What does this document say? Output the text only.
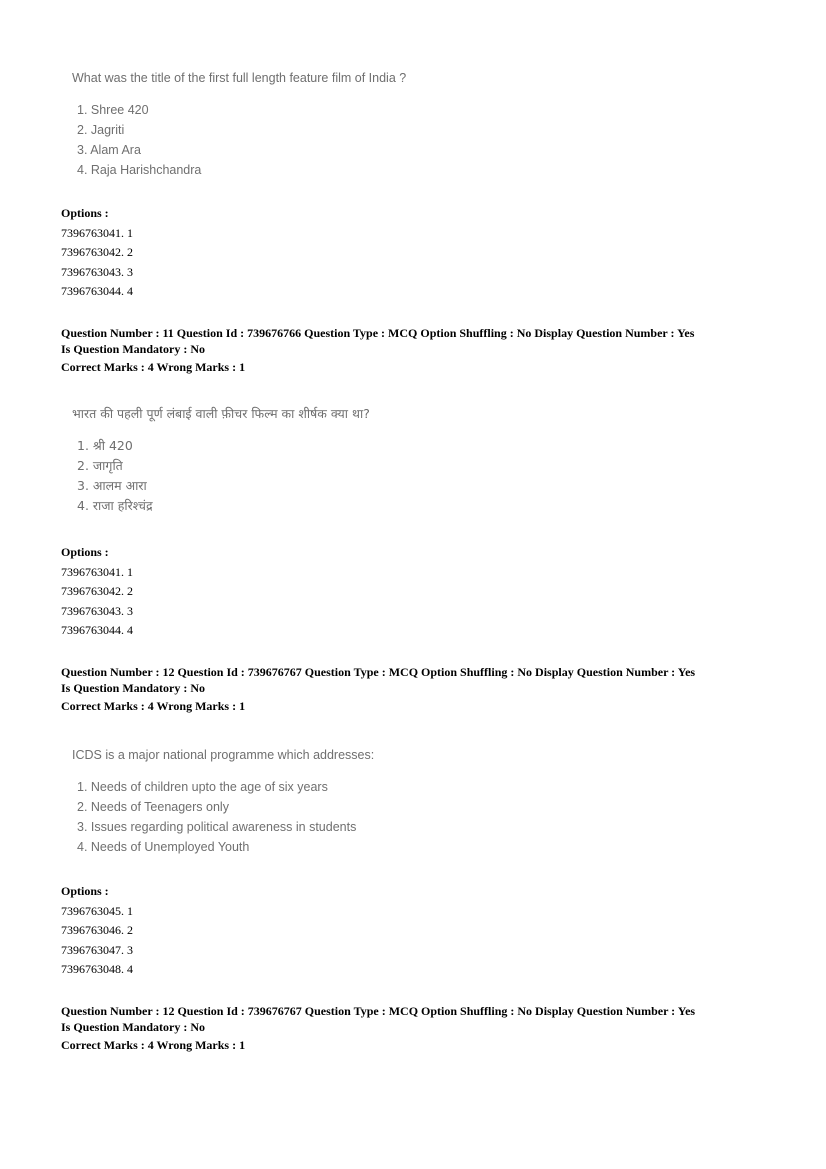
What was the title of the first full length feature film of India ?

1. Shree 420
2. Jagriti
3. Alam Ara
4. Raja Harishchandra
Options :
7396763041. 1
7396763042. 2
7396763043. 3
7396763044. 4
Question Number : 11 Question Id : 739676766 Question Type : MCQ Option Shuffling : No Display Question Number : Yes
Is Question Mandatory : No
Correct Marks : 4 Wrong Marks : 1

भारत की पहली पूर्ण लंबाई वाली फ़ीचर फिल्म का शीर्षक क्या था?

1. श्री 420
2. जागृति
3. आलम आरा
4. राजा हरिश्चंद्र
Options :
7396763041. 1
7396763042. 2
7396763043. 3
7396763044. 4
Question Number : 12 Question Id : 739676767 Question Type : MCQ Option Shuffling : No Display Question Number : Yes
Is Question Mandatory : No
Correct Marks : 4 Wrong Marks : 1

ICDS is a major national programme which addresses:

1. Needs of children upto the age of six years
2. Needs of Teenagers only
3. Issues regarding political awareness in students
4. Needs of Unemployed Youth
Options :
7396763045. 1
7396763046. 2
7396763047. 3
7396763048. 4
Question Number : 12 Question Id : 739676767 Question Type : MCQ Option Shuffling : No Display Question Number : Yes
Is Question Mandatory : No
Correct Marks : 4 Wrong Marks : 1
